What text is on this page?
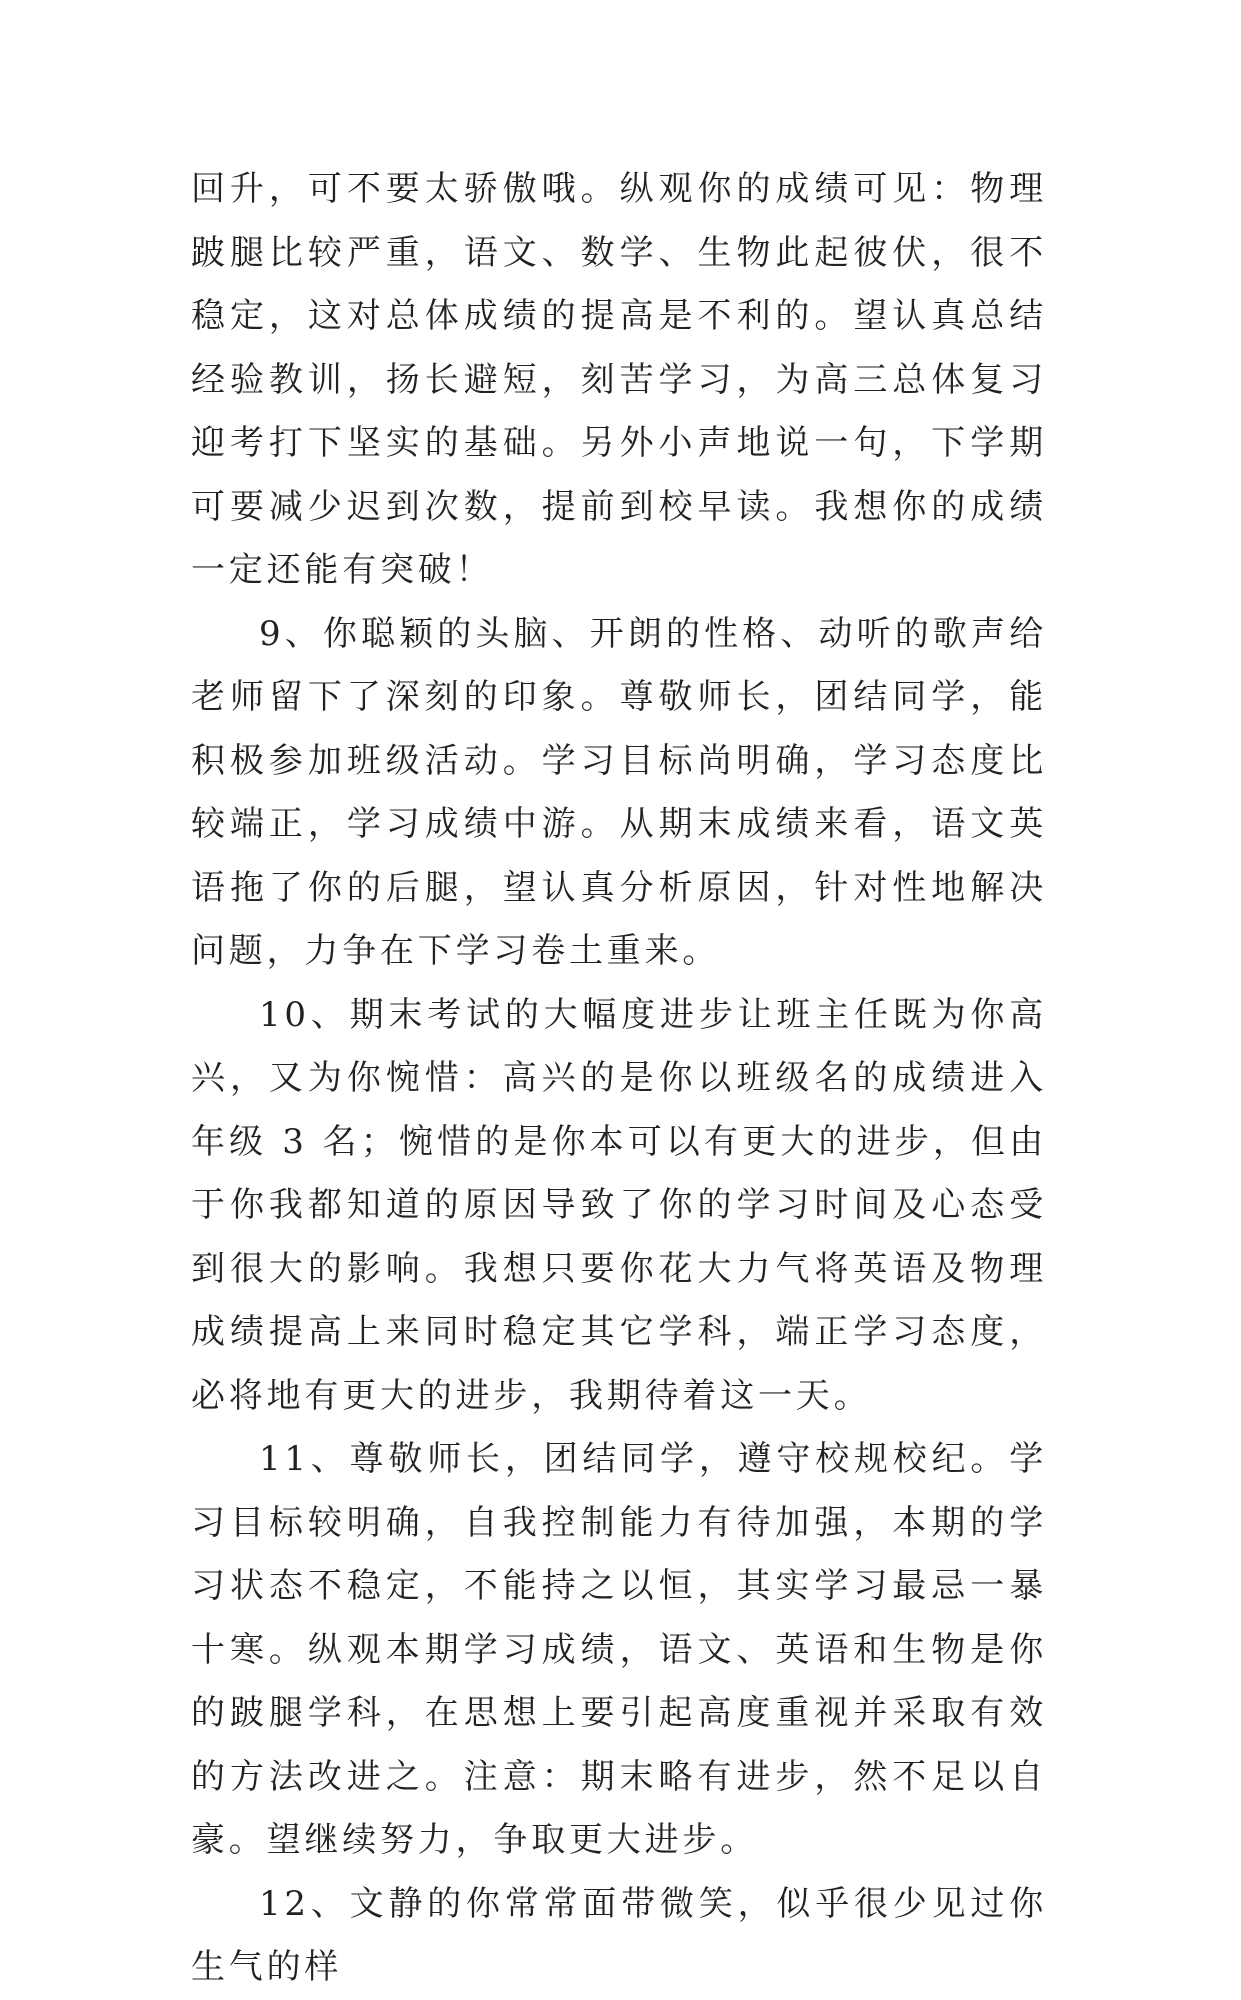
回升，可不要太骄傲哦。纵观你的成绩可见：物理跛腿比较严重，语文、数学、生物此起彼伏，很不稳定，这对总体成绩的提高是不利的。望认真总结经验教训，扬长避短，刻苦学习，为高三总体复习迎考打下坚实的基础。另外小声地说一句，下学期可要减少迟到次数，提前到校早读。我想你的成绩一定还能有突破！

9、你聪颖的头脑、开朗的性格、动听的歌声给老师留下了深刻的印象。尊敬师长，团结同学，能积极参加班级活动。学习目标尚明确，学习态度比较端正，学习成绩中游。从期末成绩来看，语文英语拖了你的后腿，望认真分析原因，针对性地解决问题，力争在下学习卷土重来。

10、期末考试的大幅度进步让班主任既为你高兴，又为你惋惜：高兴的是你以班级名的成绩进入年级 3 名；惋惜的是你本可以有更大的进步，但由于你我都知道的原因导致了你的学习时间及心态受到很大的影响。我想只要你花大力气将英语及物理成绩提高上来同时稳定其它学科，端正学习态度，必将地有更大的进步，我期待着这一天。

11、尊敬师长，团结同学，遵守校规校纪。学习目标较明确，自我控制能力有待加强，本期的学习状态不稳定，不能持之以恒，其实学习最忌一暴十寒。纵观本期学习成绩，语文、英语和生物是你的跛腿学科，在思想上要引起高度重视并采取有效的方法改进之。注意：期末略有进步，然不足以自豪。望继续努力，争取更大进步。

12、文静的你常常面带微笑，似乎很少见过你生气的样
